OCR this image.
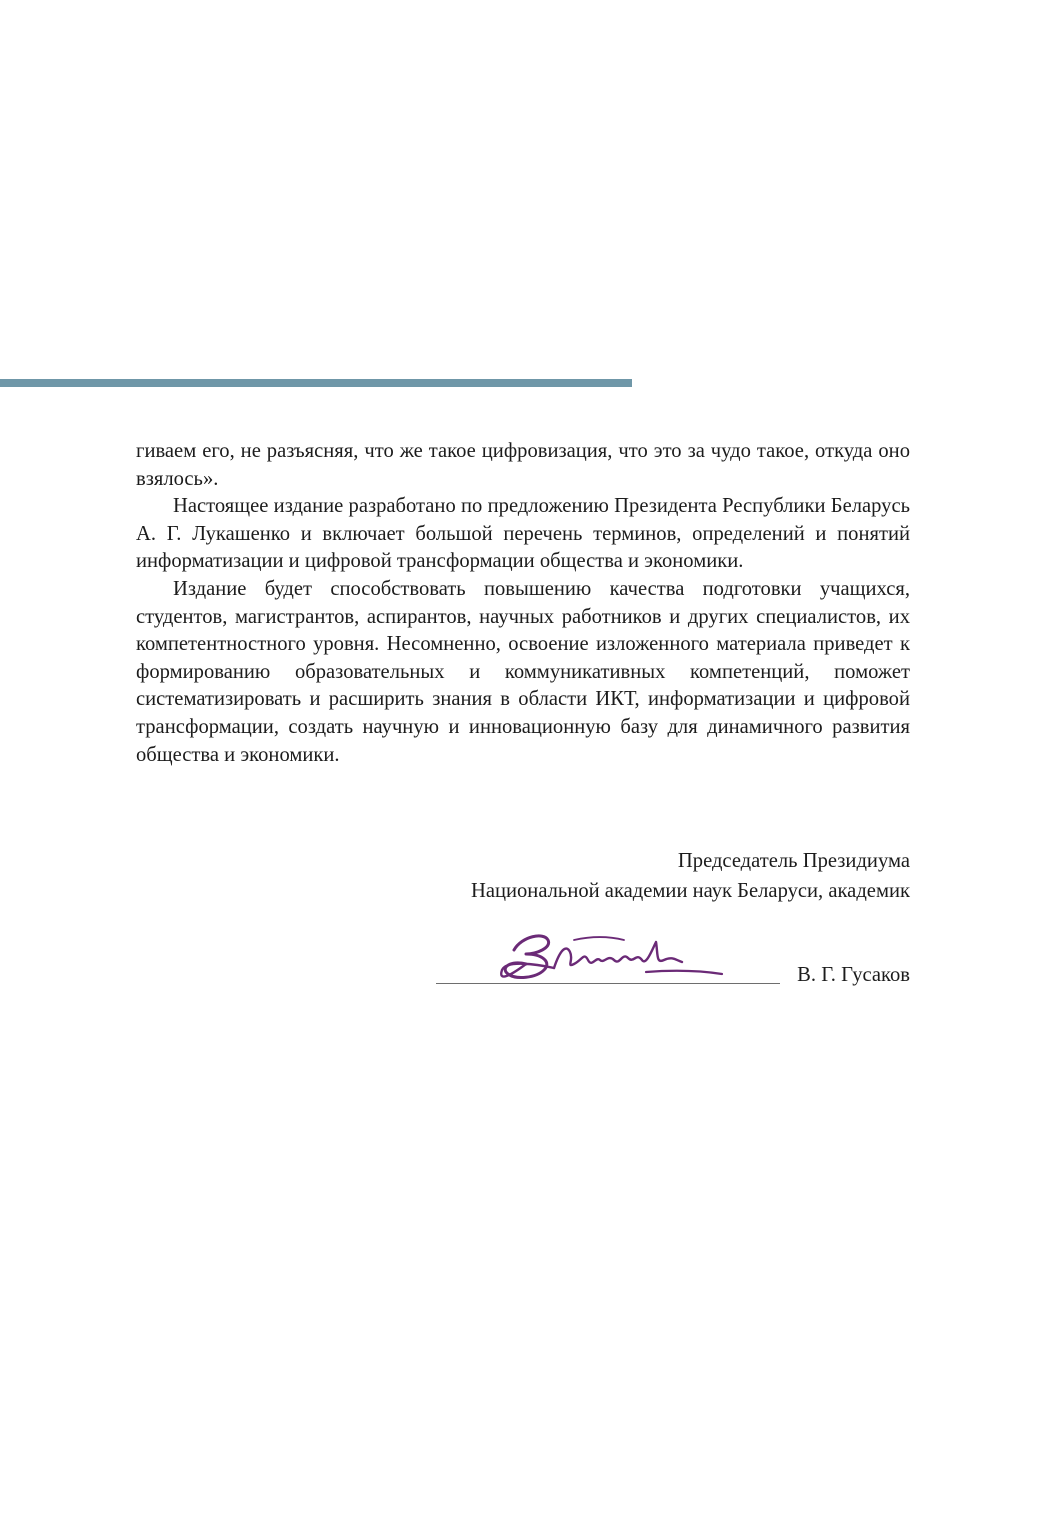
гиваем его, не разъясняя, что же такое цифровизация, что это за чудо такое, откуда оно взялось».

Настоящее издание разработано по предложению Президента Республики Беларусь А. Г. Лукашенко и включает большой перечень терминов, определений и понятий информатизации и цифровой трансформации общества и экономики.

Издание будет способствовать повышению качества подготовки учащихся, студентов, магистрантов, аспирантов, научных работников и других специалистов, их компетентностного уровня. Несомненно, освоение изложенного материала приведет к формированию образовательных и коммуникативных компетенций, поможет систематизировать и расширить знания в области ИКТ, информатизации и цифровой трансформации, создать научную и инновационную базу для динамичного развития общества и экономики.

Председатель Президиума
Национальной академии наук Беларуси, академик
В. Г. Гусаков
